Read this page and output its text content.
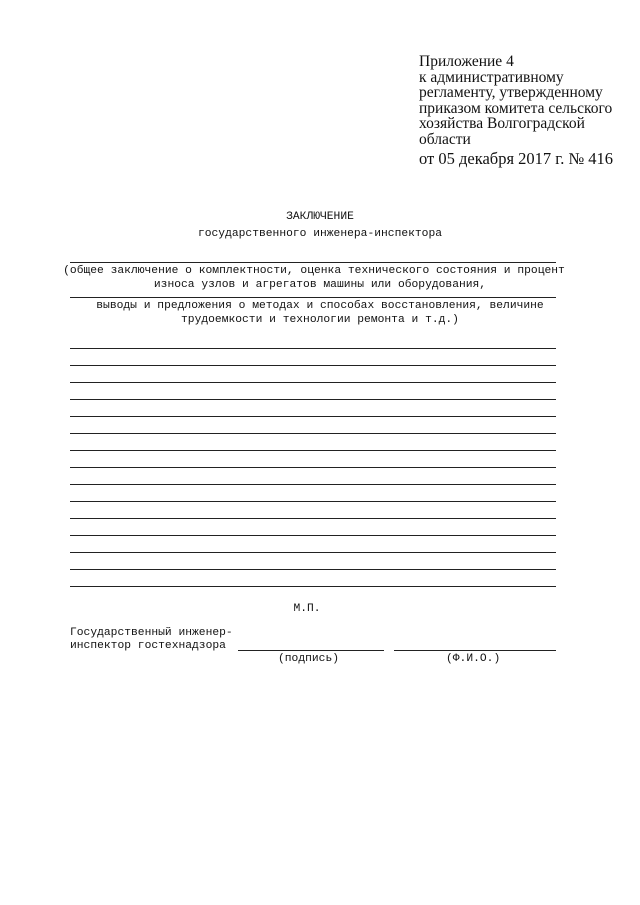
Приложение 4
к административному
регламенту, утвержденному
приказом комитета сельского
хозяйства Волгоградской
области
от 05 декабря 2017 г. № 416
ЗАКЛЮЧЕНИЕ
государственного инженера-инспектора
(общее заключение о комплектности, оценка технического состояния и процент
износа узлов и агрегатов машины или оборудования,
выводы и предложения о методах и способах восстановления, величине
трудоемкости и технологии ремонта и т.д.)
М.П.
Государственный инженер-
инспектор гостехнадзора
(подпись)	(Ф.И.О.)
